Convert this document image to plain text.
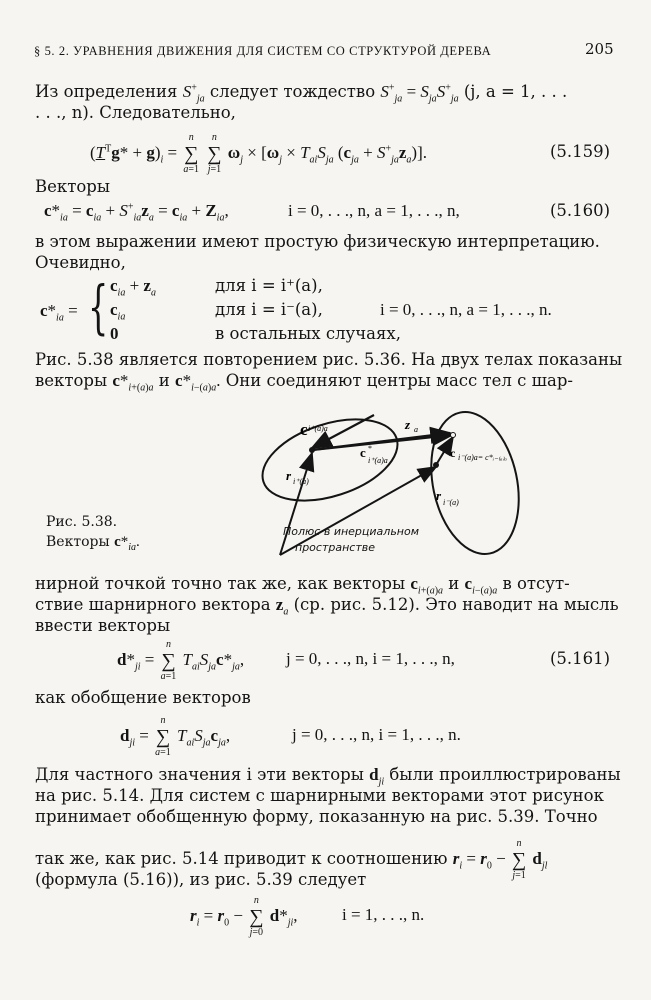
§ 5. 2. УРАВНЕНИЯ ДВИЖЕНИЯ ДЛЯ СИСТЕМ СО СТРУКТУРОЙ ДЕРЕВА	205
Из определения $S^+_{ja}$ следует тождество $S^+_{ja} = S_{ja}S^+_{ja}$ (j, a = 1, . . .
. . ., n). Следовательно,
$(T^Tg* + g)_i = n$
∑
a=1 n
∑
j=1 $\omega_j \times [\omega_j \times T_{ai}S_{ja}$ $(c_{ja} + S^+_{ja}z_a)$].	(5.159)
Векторы
$c*_{ia} = c_{ia} + S^+_{ia}z_a = c_{ia} + Z_{ia}$,	i = 0, . . ., n, a = 1, . . ., n,	(5.160)
в этом выражении имеют простую физическую интерпретацию.
Очевидно,
$c*_{ia}$ = { $c_{ia} + z_a$	для i = i⁺(a),
$c_{ia}$	для i = i⁻(a),	i = 0, . . ., n, a = 1, . . ., n.
0	в остальных случаях,
Рис. 5.38 является повторением рис. 5.36. На двух телах показаны
векторы $c*_{i+(a)a}$ и $c*_{i-(a)a}$. Они соединяют центры масс тел с шар-
c i⁺(a)a	z a
c *
i⁺(a)a
c i⁻(a)a= c*ᵢ₋₍ₐ₎ₐ
r i⁺(a)
r i⁻(a)
Полюс в инерциальном
пространстве
Рис. 5.38.
Векторы $c*_{ia}$.
нирной точкой точно так же, как векторы $c_{i+(a)a}$ и $c_{i-(a)a}$ в отсут-
ствие шарнирного вектора $z_a$ (ср. рис. 5.12). Это наводит на мысль
ввести векторы
$d*_{ji} = n$
∑
a=1 $T_{ai}S_{ja}c*_{ja}$, j = 0, . . ., n, i = 1, . . ., n,	(5.161)
как обобщение векторов
$d_{ji} = n$
∑
a=1 $T_{ai}S_{ja}c_{ja}$,	j = 0, . . ., n, i = 1, . . ., n.
Для частного значения i эти векторы $d_{ji}$ были проиллюстрированы
на рис. 5.14. Для систем с шарнирными векторами этот рисунок
принимает обобщенную форму, показанную на рис. 5.39. Точно
так же, как рис. 5.14 приводит к соотношению $r_i = r_0 - n$
∑
j=1 $d_{jl}$
(формула (5.16)), из рис. 5.39 следует
$r_i = r_0 - n$
∑
j=0 $d*_{ji}$,	i = 1, . . ., n.
